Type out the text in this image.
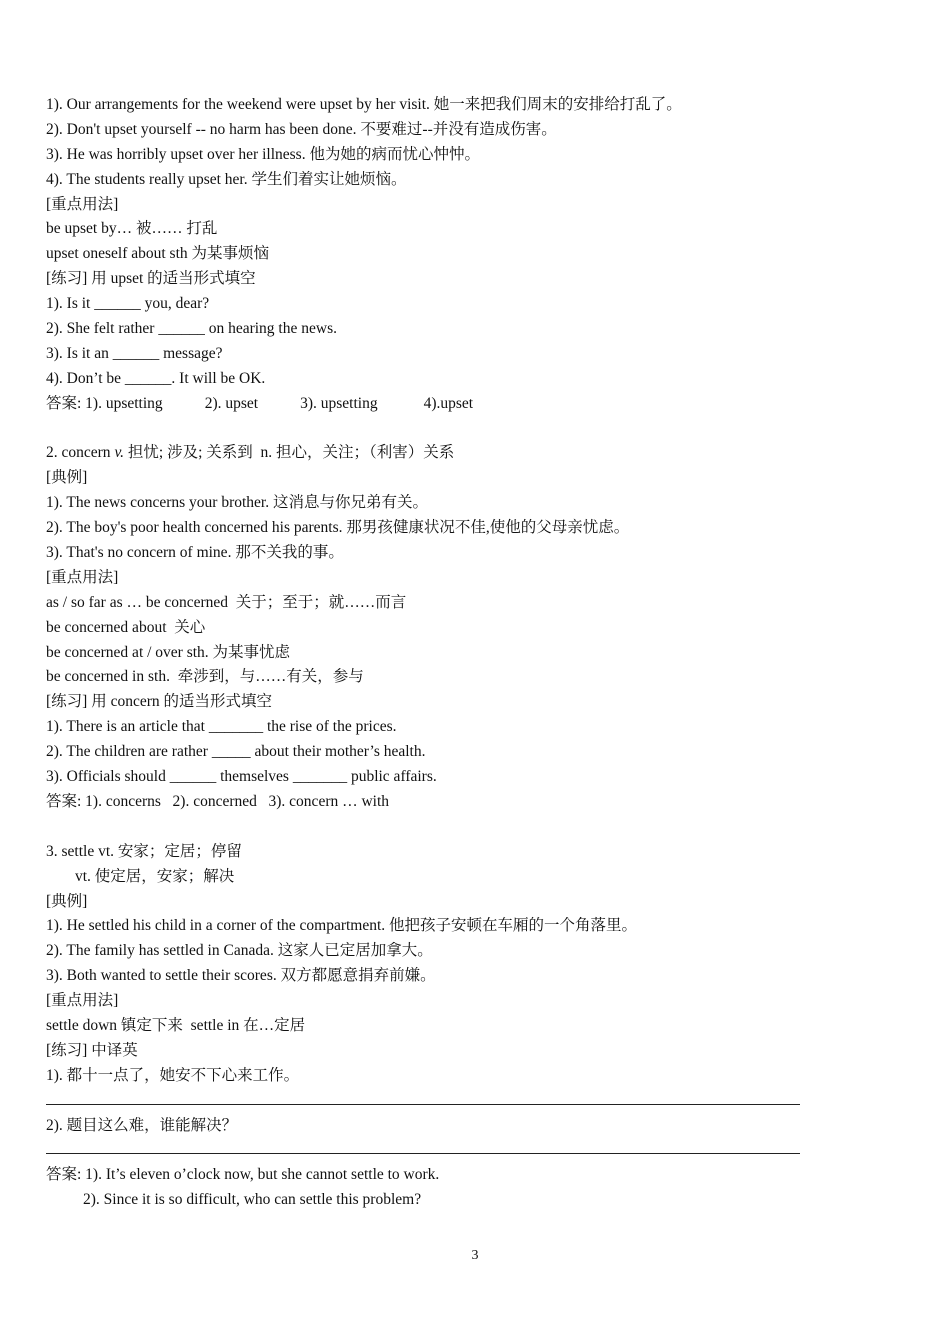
1). Our arrangements for the weekend were upset by her visit. 她一来把我们周末的安排给打乱了。
2). Don't upset yourself -- no harm has been done. 不要难过--并没有造成伤害。
3). He was horribly upset over her illness. 他为她的病而忧心忡忡。
4). The students really upset her. 学生们着实让她烦恼。
[重点用法]
be upset by… 被…… 打乱
upset oneself about sth 为某事烦恼
[练习] 用 upset 的适当形式填空
1). Is it ______ you, dear?
2). She felt rather ______ on hearing the news.
3). Is it an ______ message?
4). Don’t be ______. It will be OK.
答案: 1). upsetting	2). upset	3). upsetting	4).upset
2. concern v. 担忧; 涉及; 关系到  n. 担心，关注；（利害）关系
[典例]
1). The news concerns your brother. 这消息与你兄弟有关。
2). The boy's poor health concerned his parents. 那男孩健康状况不佳,使他的父母亲忧虑。
3). That's no concern of mine. 那不关我的事。
[重点用法]
as / so far as … be concerned  关于；至于；就……而言
be concerned about  关心
be concerned at / over sth. 为某事忧虑
be concerned in sth.  牵涉到，与……有关，参与
[练习] 用 concern 的适当形式填空
1). There is an article that _______ the rise of the prices.
2). The children are rather _____ about their mother’s health.
3). Officials should ______ themselves _______ public affairs.
答案: 1). concerns   2). concerned   3). concern … with
3. settle vt. 安家；定居；停留
vt. 使定居，安家；解决
[典例]
1). He settled his child in a corner of the compartment. 他把孩子安顿在车厢的一个角落里。
2). The family has settled in Canada. 这家人已定居加拿大。
3). Both wanted to settle their scores. 双方都愿意捐弃前嫌。
[重点用法]
settle down 镇定下来  settle in 在…定居
[练习] 中译英
1). 都十一点了，她安不下心来工作。
2). 题目这么难，谁能解决？
答案: 1). It’s eleven o’clock now, but she cannot settle to work.
2). Since it is so difficult, who can settle this problem?
3
